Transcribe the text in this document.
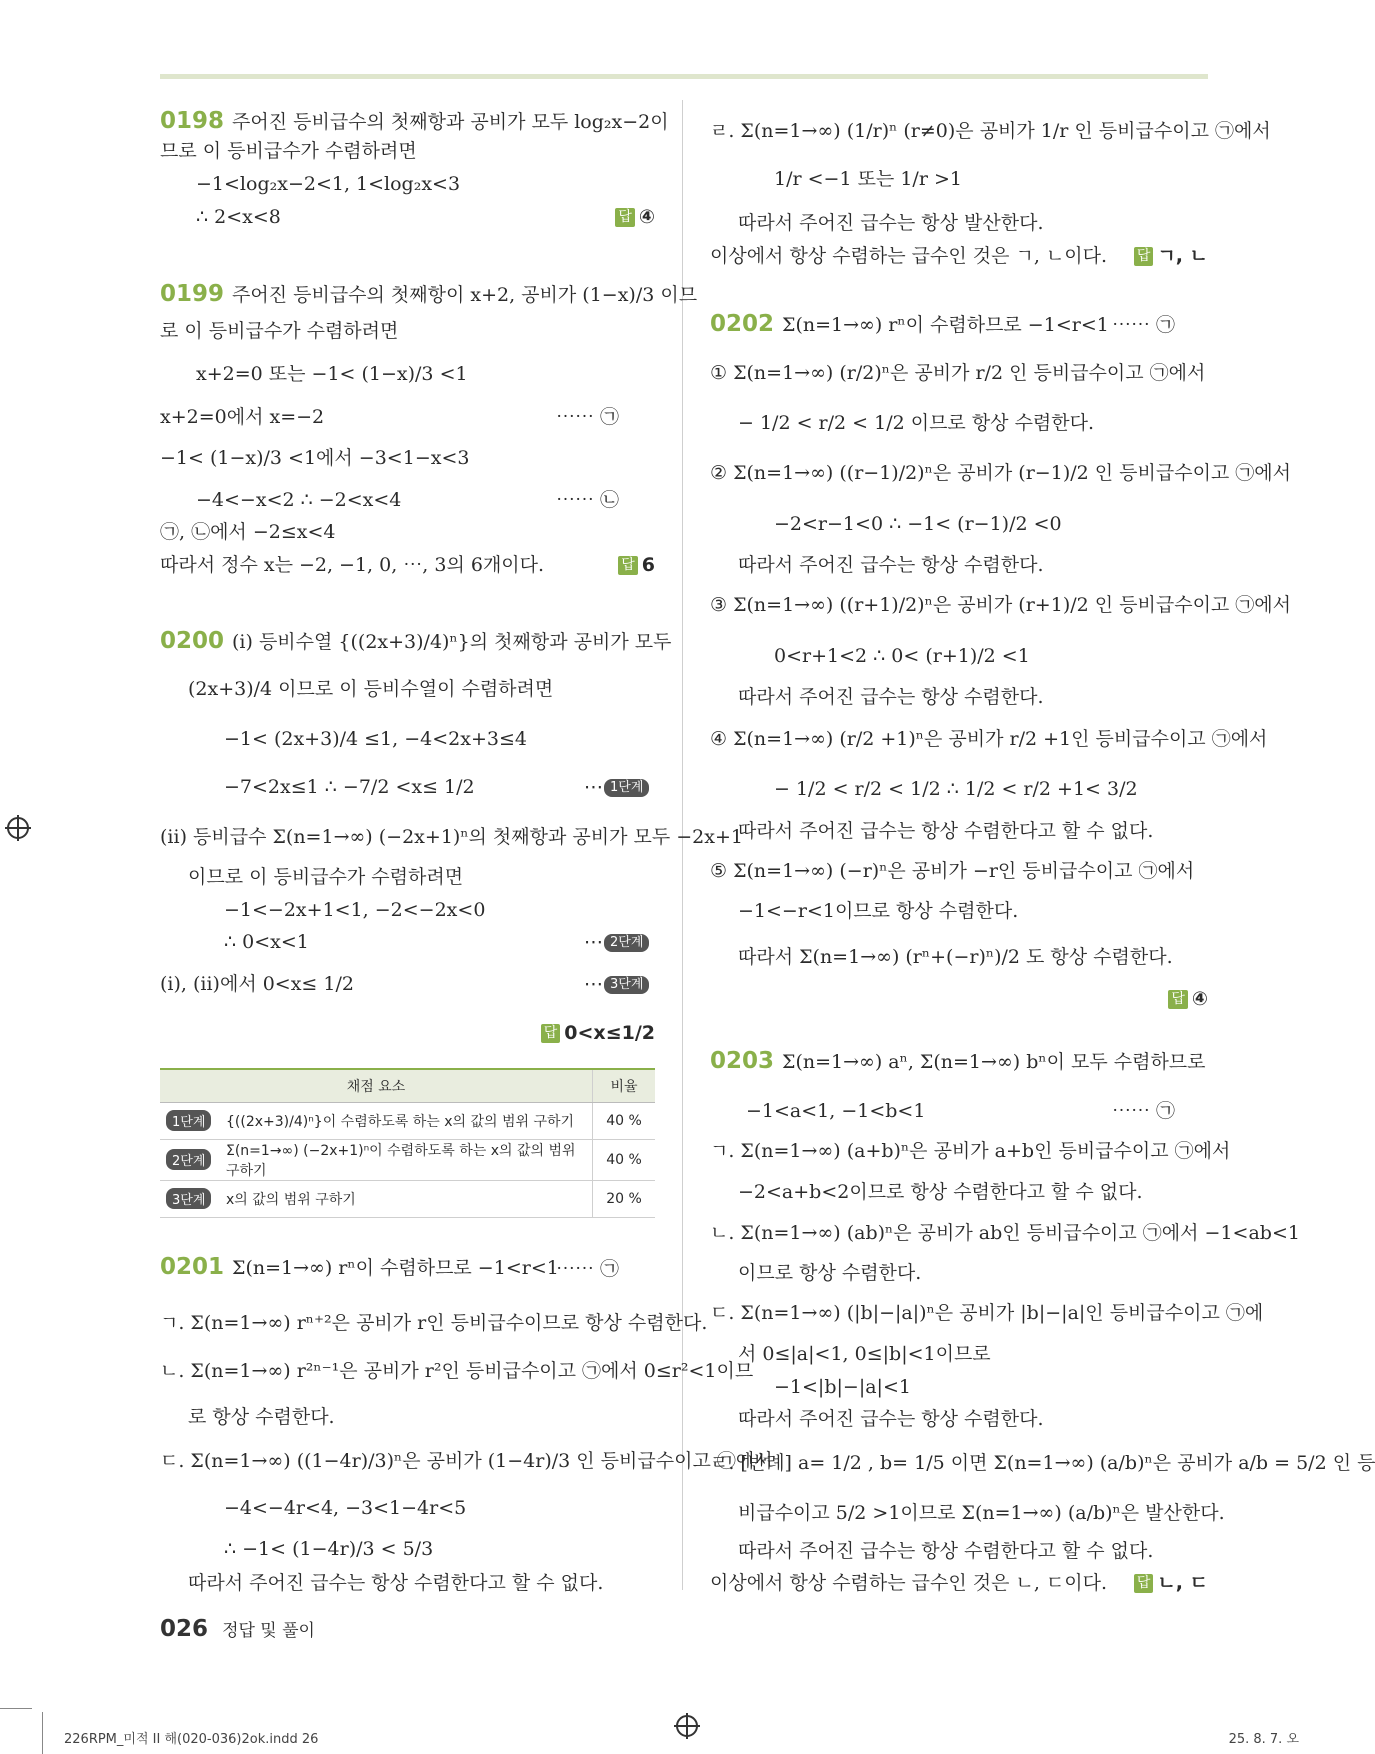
0198 주어진 등비급수의 첫째항과 공비가 모두 log₂x−2이
므로 이 등비급수가 수렴하려면
−1<log₂x−2<1, 1<log₂x<3
∴ 2<x<8	답 ④
0199 주어진 등비급수의 첫째항이 x+2, 공비가 (1−x)/3 이므
로 이 등비급수가 수렴하려면
x+2=0 또는 −1< (1−x)/3 <1
x+2=0에서 x=−2	⋯⋯ ㉠
−1< (1−x)/3 <1에서 −3<1−x<3
−4<−x<2 ∴ −2<x<4	⋯⋯ ㉡
㉠, ㉡에서 −2≤x<4
따라서 정수 x는 −2, −1, 0, ⋯, 3의 6개이다.	답 6
0200 (i) 등비수열 {((2x+3)/4)ⁿ}의 첫째항과 공비가 모두
(2x+3)/4 이므로 이 등비수열이 수렴하려면
−1< (2x+3)/4 ≤1, −4<2x+3≤4
−7<2x≤1 ∴ −7/2 <x≤ 1/2	⋯ 1단계
(ii) 등비급수 Σ(n=1→∞) (−2x+1)ⁿ의 첫째항과 공비가 모두 −2x+1
이므로 이 등비급수가 수렴하려면
−1<−2x+1<1, −2<−2x<0
∴ 0<x<1	⋯ 2단계
(i), (ii)에서 0<x≤ 1/2	⋯ 3단계
답 0<x≤1/2
채점 요소		비율
1단계	{((2x+3)/4)ⁿ}이 수렴하도록 하는 x의 값의 범위 구하기	40 %
2단계	Σ(n=1→∞) (−2x+1)ⁿ이 수렴하도록 하는 x의 값의 범위 구하기	40 %
3단계	x의 값의 범위 구하기	20 %
0201 Σ(n=1→∞) rⁿ이 수렴하므로 −1<r<1
⋯⋯ ㉠
ㄱ. Σ(n=1→∞) rⁿ⁺²은 공비가 r인 등비급수이므로 항상 수렴한다.
ㄴ. Σ(n=1→∞) r²ⁿ⁻¹은 공비가 r²인 등비급수이고 ㉠에서 0≤r²<1이므
로 항상 수렴한다.
ㄷ. Σ(n=1→∞) ((1−4r)/3)ⁿ은 공비가 (1−4r)/3 인 등비급수이고 ㉠에서
−4<−4r<4, −3<1−4r<5
∴ −1< (1−4r)/3 < 5/3
따라서 주어진 급수는 항상 수렴한다고 할 수 없다.
ㄹ. Σ(n=1→∞) (1/r)ⁿ (r≠0)은 공비가 1/r 인 등비급수이고 ㉠에서
1/r <−1 또는 1/r >1
따라서 주어진 급수는 항상 발산한다.
이상에서 항상 수렴하는 급수인 것은 ㄱ, ㄴ이다.	답 ㄱ, ㄴ
0202 Σ(n=1→∞) rⁿ이 수렴하므로 −1<r<1 ⋯⋯ ㉠
① Σ(n=1→∞) (r/2)ⁿ은 공비가 r/2 인 등비급수이고 ㉠에서
− 1/2 < r/2 < 1/2 이므로 항상 수렴한다.
② Σ(n=1→∞) ((r−1)/2)ⁿ은 공비가 (r−1)/2 인 등비급수이고 ㉠에서
−2<r−1<0 ∴ −1< (r−1)/2 <0
따라서 주어진 급수는 항상 수렴한다.
③ Σ(n=1→∞) ((r+1)/2)ⁿ은 공비가 (r+1)/2 인 등비급수이고 ㉠에서
0<r+1<2 ∴ 0< (r+1)/2 <1
따라서 주어진 급수는 항상 수렴한다.
④ Σ(n=1→∞) (r/2 +1)ⁿ은 공비가 r/2 +1인 등비급수이고 ㉠에서
− 1/2 < r/2 < 1/2 ∴ 1/2 < r/2 +1< 3/2
따라서 주어진 급수는 항상 수렴한다고 할 수 없다.
⑤ Σ(n=1→∞) (−r)ⁿ은 공비가 −r인 등비급수이고 ㉠에서
−1<−r<1이므로 항상 수렴한다.
따라서 Σ(n=1→∞) (rⁿ+(−r)ⁿ)/2 도 항상 수렴한다.
답 ④
0203 Σ(n=1→∞) aⁿ, Σ(n=1→∞) bⁿ이 모두 수렴하므로
−1<a<1, −1<b<1	⋯⋯ ㉠
ㄱ. Σ(n=1→∞) (a+b)ⁿ은 공비가 a+b인 등비급수이고 ㉠에서
−2<a+b<2이므로 항상 수렴한다고 할 수 없다.
ㄴ. Σ(n=1→∞) (ab)ⁿ은 공비가 ab인 등비급수이고 ㉠에서 −1<ab<1
이므로 항상 수렴한다.
ㄷ. Σ(n=1→∞) (|b|−|a|)ⁿ은 공비가 |b|−|a|인 등비급수이고 ㉠에
서 0≤|a|<1, 0≤|b|<1이므로
−1<|b|−|a|<1
따라서 주어진 급수는 항상 수렴한다.
ㄹ. [반례] a= 1/2 , b= 1/5 이면 Σ(n=1→∞) (a/b)ⁿ은 공비가 a/b = 5/2 인 등
비급수이고 5/2 >1이므로 Σ(n=1→∞) (a/b)ⁿ은 발산한다.
따라서 주어진 급수는 항상 수렴한다고 할 수 없다.
이상에서 항상 수렴하는 급수인 것은 ㄴ, ㄷ이다.	답 ㄴ, ㄷ
026 정답 및 풀이
226RPM_미적 II 해(020-036)2ok.indd 26	25. 8. 7. 오
